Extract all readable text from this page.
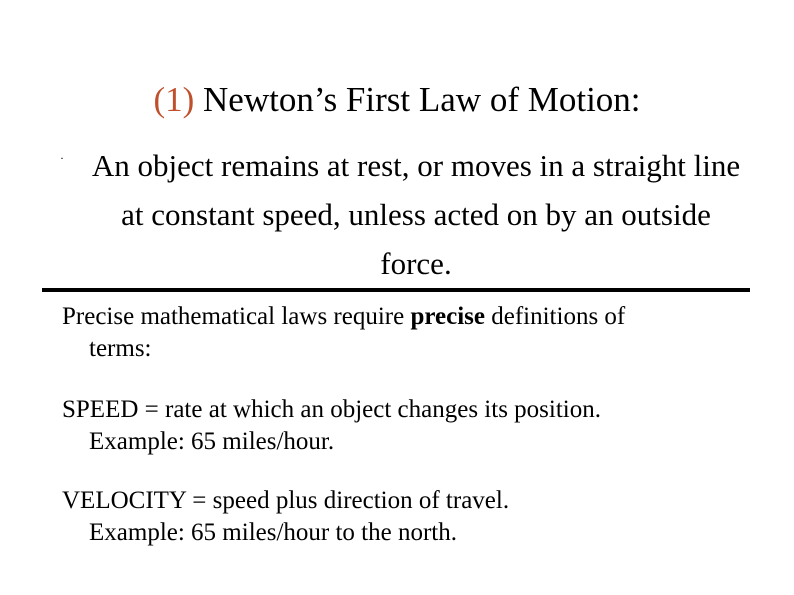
(1) Newton’s First Law of Motion:
· An object remains at rest, or moves in a straight line at constant speed, unless acted on by an outside force.
Precise mathematical laws require precise definitions of
terms:
SPEED = rate at which an object changes its position.
Example: 65 miles/hour.
VELOCITY = speed plus direction of travel.
Example: 65 miles/hour to the north.
